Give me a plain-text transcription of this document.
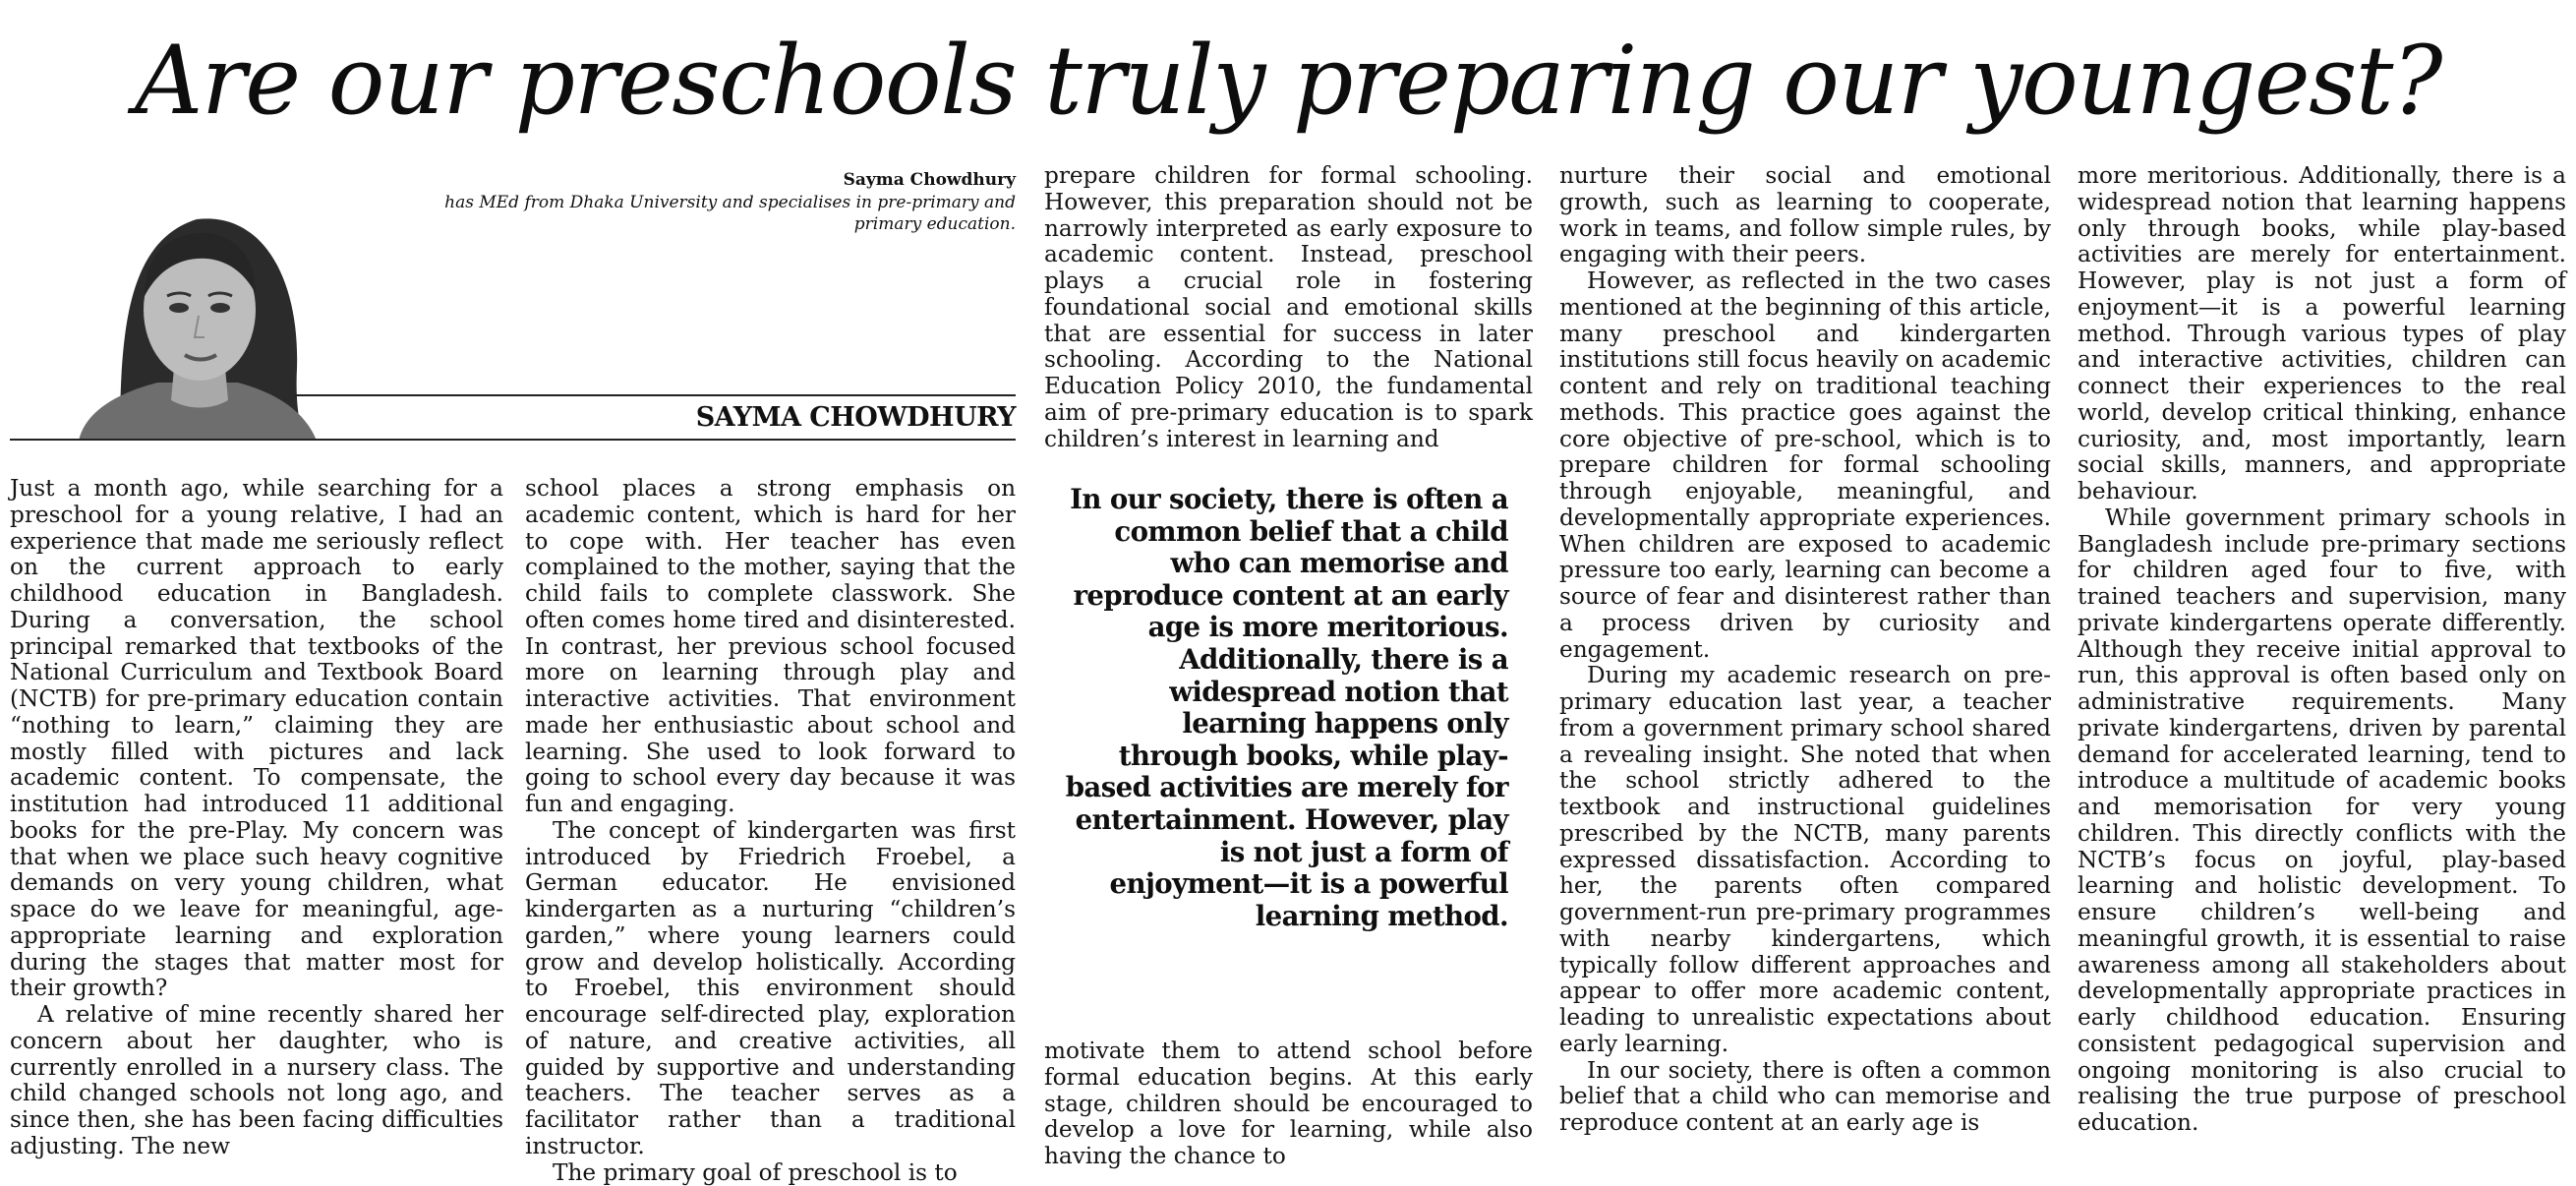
Are our preschools truly preparing our youngest?
Sayma Chowdhury
has MEd from Dhaka University and specialises in pre-primary and primary education.
SAYMA CHOWDHURY

Just a month ago, while searching for a preschool for a young relative, I had an experience that made me seriously reflect on the current approach to early childhood education in Bangladesh. During a conversation, the school principal remarked that textbooks of the National Curriculum and Textbook Board (NCTB) for pre-primary education contain “nothing to learn,” claiming they are mostly filled with pictures and lack academic content. To compensate, the institution had introduced 11 additional books for the pre-Play. My concern was that when we place such heavy cognitive demands on very young children, what space do we leave for meaningful, age-appropriate learning and exploration during the stages that matter most for their growth?

A relative of mine recently shared her concern about her daughter, who is currently enrolled in a nursery class. The child changed schools not long ago, and since then, she has been facing difficulties adjusting. The new

school places a strong emphasis on academic content, which is hard for her to cope with. Her teacher has even complained to the mother, saying that the child fails to complete classwork. She often comes home tired and disinterested. In contrast, her previous school focused more on learning through play and interactive activities. That environment made her enthusiastic about school and learning. She used to look forward to going to school every day because it was fun and engaging.

The concept of kindergarten was first introduced by Friedrich Froebel, a German educator. He envisioned kindergarten as a nurturing “children’s garden,” where young learners could grow and develop holistically. According to Froebel, this environment should encourage self-directed play, exploration of nature, and creative activities, all guided by supportive and understanding teachers. The teacher serves as a facilitator rather than a traditional instructor.

The primary goal of preschool is to

prepare children for formal schooling. However, this preparation should not be narrowly interpreted as early exposure to academic content. Instead, preschool plays a crucial role in fostering foundational social and emotional skills that are essential for success in later schooling. According to the National Education Policy 2010, the fundamental aim of pre-primary education is to spark children’s interest in learning and

In our society, there is often a common belief that a child who can memorise and reproduce content at an early age is more meritorious. Additionally, there is a widespread notion that learning happens only through books, while play-based activities are merely for entertainment. However, play is not just a form of enjoyment—it is a powerful learning method.

motivate them to attend school before formal education begins. At this early stage, children should be encouraged to develop a love for learning, while also having the chance to

nurture their social and emotional growth, such as learning to cooperate, work in teams, and follow simple rules, by engaging with their peers.

However, as reflected in the two cases mentioned at the beginning of this article, many preschool and kindergarten institutions still focus heavily on academic content and rely on traditional teaching methods. This practice goes against the core objective of pre-school, which is to prepare children for formal schooling through enjoyable, meaningful, and developmentally appropriate experiences. When children are exposed to academic pressure too early, learning can become a source of fear and disinterest rather than a process driven by curiosity and engagement.

During my academic research on pre-primary education last year, a teacher from a government primary school shared a revealing insight. She noted that when the school strictly adhered to the textbook and instructional guidelines prescribed by the NCTB, many parents expressed dissatisfaction. According to her, the parents often compared government-run pre-primary programmes with nearby kindergartens, which typically follow different approaches and appear to offer more academic content, leading to unrealistic expectations about early learning.

In our society, there is often a common belief that a child who can memorise and reproduce content at an early age is

more meritorious. Additionally, there is a widespread notion that learning happens only through books, while play-based activities are merely for entertainment. However, play is not just a form of enjoyment—it is a powerful learning method. Through various types of play and interactive activities, children can connect their experiences to the real world, develop critical thinking, enhance curiosity, and, most importantly, learn social skills, manners, and appropriate behaviour.

While government primary schools in Bangladesh include pre-primary sections for children aged four to five, with trained teachers and supervision, many private kindergartens operate differently. Although they receive initial approval to run, this approval is often based only on administrative requirements. Many private kindergartens, driven by parental demand for accelerated learning, tend to introduce a multitude of academic books and memorisation for very young children. This directly conflicts with the NCTB’s focus on joyful, play-based learning and holistic development. To ensure children’s well-being and meaningful growth, it is essential to raise awareness among all stakeholders about developmentally appropriate practices in early childhood education. Ensuring consistent pedagogical supervision and ongoing monitoring is also crucial to realising the true purpose of preschool education.
